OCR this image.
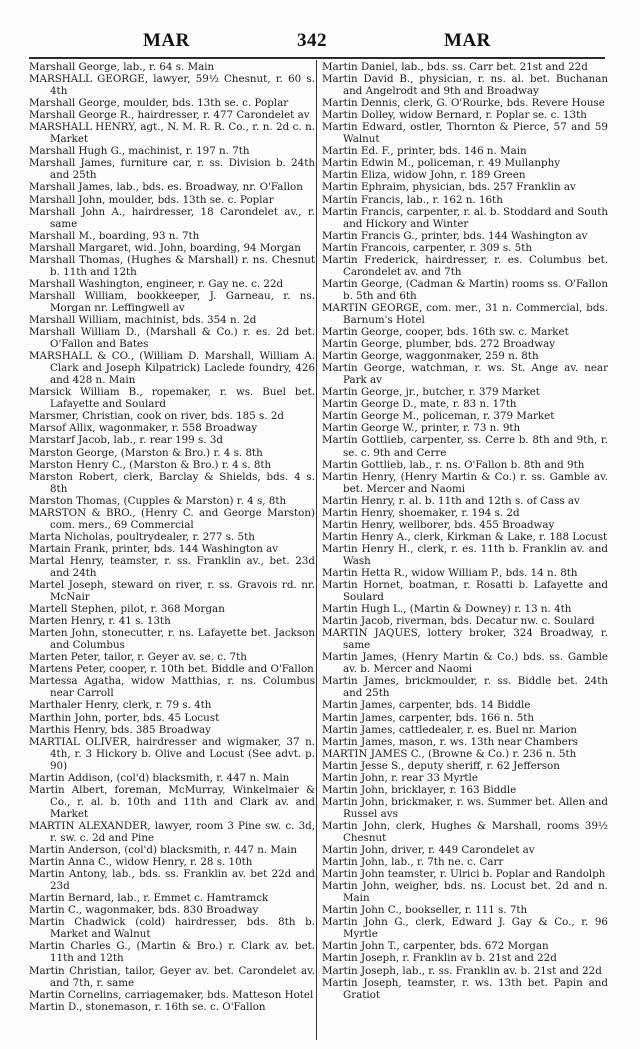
MAR	342	MAR

Marshall George, lab., r. 64 s. Main

MARSHALL GEORGE, lawyer, 59½ Chesnut, r. 60 s. 4th

Marshall George, moulder, bds. 13th se. c. Poplar

Marshall George R., hairdresser, r. 477 Carondelet av

MARSHALL HENRY, agt., N. M. R. R. Co., r. n. 2d c. n. Market

Marshall Hugh G., machinist, r. 197 n. 7th

Marshall James, furniture car, r. ss. Division b. 24th and 25th

Marshall James, lab., bds. es. Broadway, nr. O'Fallon

Marshall John, moulder, bds. 13th se. c. Poplar

Marshall John A., hairdresser, 18 Carondelet av., r. same

Marshall M., boarding, 93 n. 7th

Marshall Margaret, wid. John, boarding, 94 Morgan

Marshall Thomas, (Hughes & Marshall) r. ns. Chesnut b. 11th and 12th

Marshall Washington, engineer, r. Gay ne. c. 22d

Marshall William, bookkeeper, J. Garneau, r. ns. Morgan nr. Leffingwell av

Marshall William, machinist, bds. 354 n. 2d

Marshall William D., (Marshall & Co.) r. es. 2d bet. O'Fallon and Bates

MARSHALL & CO., (William D. Marshall, William A. Clark and Joseph Kilpatrick) Laclede foundry, 426 and 428 n. Main

Marsick William B., ropemaker, r. ws. Buel bet. Lafayette and Soulard

Marsmer, Christian, cook on river, bds. 185 s. 2d

Marsof Allix, wagonmaker, r. 558 Broadway

Marstarf Jacob, lab., r. rear 199 s. 3d

Marston George, (Marston & Bro.) r. 4 s. 8th

Marston Henry C., (Marston & Bro.) r. 4 s. 8th

Marston Robert, clerk, Barclay & Shields, bds. 4 s. 8th

Marston Thomas, (Cupples & Marston) r. 4 s, 8th

MARSTON & BRO., (Henry C. and George Marston) com. mers., 69 Commercial

Marta Nicholas, poultrydealer, r. 277 s. 5th

Martain Frank, printer, bds. 144 Washington av

Martal Henry, teamster, r. ss. Franklin av., bet. 23d and 24th

Martel Joseph, steward on river, r. ss. Gravois rd. nr. McNair

Martell Stephen, pilot, r. 368 Morgan

Marten Henry, r. 41 s. 13th

Marten John, stonecutter, r. ns. Lafayette bet. Jackson and Columbus

Marten Peter, tailor, r. Geyer av. se. c. 7th

Martens Peter, cooper, r. 10th bet. Biddle and O'Fallon

Martessa Agatha, widow Matthias, r. ns. Columbus near Carroll

Marthaler Henry, clerk, r. 79 s. 4th

Marthin John, porter, bds. 45 Locust

Marthis Henry, bds. 385 Broadway

MARTIAL OLIVER, hairdresser and wigmaker, 37 n. 4th, r. 3 Hickory b. Olive and Locust (See advt. p. 90)

Martin Addison, (col'd) blacksmith, r. 447 n. Main

Martin Albert, foreman, McMurray, Winkelmaier & Co., r. al. b. 10th and 11th and Clark av. and Market

MARTIN ALEXANDER, lawyer, room 3 Pine sw. c. 3d, r. sw. c. 2d and Pine

Martin Anderson, (col'd) blacksmith, r. 447 n. Main

Martin Anna C., widow Henry, r. 28 s. 10th

Martin Antony, lab., bds. ss. Franklin av. bet 22d and 23d

Martin Bernard, lab., r. Emmet c. Hamtramck

Martin C., wagonmaker, bds. 830 Broadway

Martin Chadwick (cold) hairdresser, bds. 8th b. Market and Walnut

Martin Charles G., (Martin & Bro.) r. Clark av. bet. 11th and 12th

Martin Christian, tailor, Geyer av. bet. Carondelet av. and 7th, r. same

Martin Cornelins, carriagemaker, bds. Matteson Hotel

Martin D., stonemason, r. 16th se. c. O'Fallon

Martin Daniel, lab., bds. ss. Carr bet. 21st and 22d

Martin David B., physician, r. ns. al. bet. Buchanan and Angelrodt and 9th and Broadway

Martin Dennis, clerk, G. O'Rourke, bds. Revere House

Martin Dolley, widow Bernard, r. Poplar se. c. 13th

Martin Edward, ostler, Thornton & Pierce, 57 and 59 Walnut

Martin Ed. F., printer, bds. 146 n. Main

Martin Edwin M., policeman, r. 49 Mullanphy

Martin Eliza, widow John, r. 189 Green

Martin Ephraim, physician, bds. 257 Franklin av

Martin Francis, lab., r. 162 n. 16th

Martin Francis, carpenter, r. al. b. Stoddard and South and Hickory and Winter

Martin Francis G., printer, bds. 144 Washington av

Martin Francois, carpenter, r. 309 s. 5th

Martin Frederick, hairdresser, r. es. Columbus bet. Carondelet av. and 7th

Martin George, (Cadman & Martin) rooms ss. O'Fallon b. 5th and 6th

MARTIN GEORGE, com. mer., 31 n. Commercial, bds. Barnum's Hotel

Martin George, cooper, bds. 16th sw. c. Market

Martin George, plumber, bds. 272 Broadway

Martin George, waggonmaker, 259 n. 8th

Martin George, watchman, r. ws. St. Ange av. near Park av

Martin George, jr., butcher, r. 379 Market

Martin George D., mate, r. 83 n. 17th

Martin George M., policeman, r. 379 Market

Martin George W., printer, r. 73 n. 9th

Martin Gottlieb, carpenter, ss. Cerre b. 8th and 9th, r. se. c. 9th and Cerre

Martin Gottlieb, lab., r. ns. O'Fallon b. 8th and 9th

Martin Henry, (Henry Martin & Co.) r. ss. Gamble av. bet. Mercer and Naomi

Martin Henry, r. al. b. 11th and 12th s. of Cass av

Martin Henry, shoemaker, r. 194 s. 2d

Martin Henry, wellborer, bds. 455 Broadway

Martin Henry A., clerk, Kirkman & Lake, r. 188 Locust

Martin Henry H., clerk, r. es. 11th b. Franklin av. and Wash

Martin Hetta R., widow William P., bds. 14 n. 8th

Martin Hornet, boatman, r. Rosatti b. Lafayette and Soulard

Martin Hugh L., (Martin & Downey) r. 13 n. 4th

Martin Jacob, riverman, bds. Decatur nw. c. Soulard

MARTIN JAQUES, lottery broker, 324 Broadway, r. same

Martin James, (Henry Martin & Co.) bds. ss. Gamble av. b. Mercer and Naomi

Martin James, brickmoulder, r. ss. Biddle bet. 24th and 25th

Martin James, carpenter, bds. 14 Biddle

Martin James, carpenter, bds. 166 n. 5th

Martin James, cattledealer, r. es. Buel nr. Marion

Martin James, mason, r. ws. 13th near Chambers

MARTIN JAMES C., (Browne & Co.) r. 236 n. 5th

Martin Jesse S., deputy sheriff, r. 62 Jefferson

Martin John, r. rear 33 Myrtle

Martin John, bricklayer, r. 163 Biddle

Martin John, brickmaker, r. ws. Summer bet. Allen and Russel avs

Martin John, clerk, Hughes & Marshall, rooms 39½ Chesnut

Martin John, driver, r. 449 Carondelet av

Martin John, lab., r. 7th ne. c. Carr

Martin John teamster, r. Ulrici b. Poplar and Randolph

Martin John, weigher, bds. ns. Locust bet. 2d and n. Main

Martin John C., bookseller, r. 111 s. 7th

Martin John G., clerk, Edward J. Gay & Co., r. 96 Myrtle

Martin John T., carpenter, bds. 672 Morgan

Martin Joseph, r. Franklin av b. 21st and 22d

Martin Joseph, lab., r. ss. Franklin av. b. 21st and 22d

Martin Joseph, teamster, r. ws. 13th bet. Papin and Gratiot
